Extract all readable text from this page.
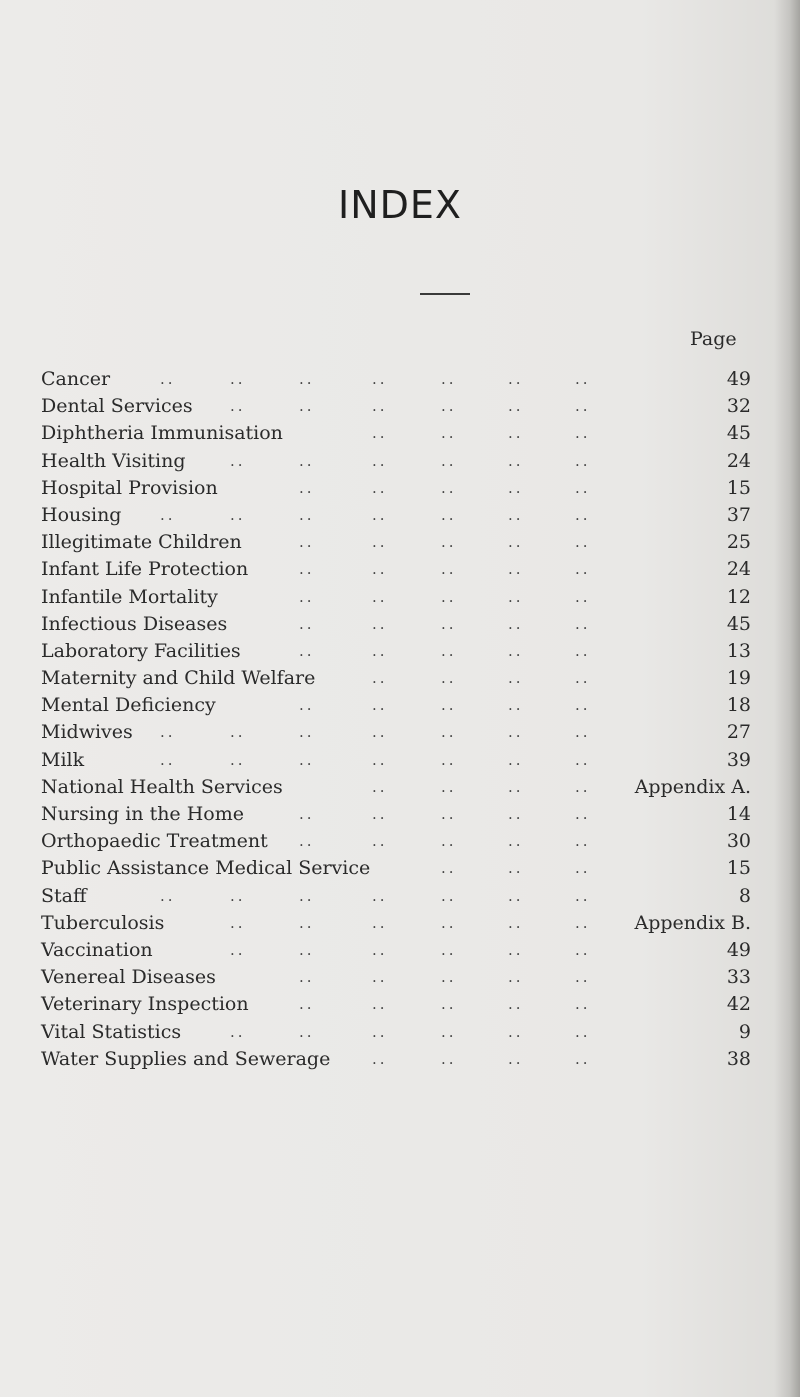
INDEX
Page
Cancer	49
..	..	..	..	..	..	..
Dental Services	32
..	..	..	..	..	..
Diphtheria Immunisation	45
..	..	..	..
Health Visiting	24
..	..	..	..	..	..
Hospital Provision	15
..	..	..	..	..
Housing	37
..	..	..	..	..	..	..
Illegitimate Children	25
..	..	..	..	..
Infant Life Protection	24
..	..	..	..	..
Infantile Mortality	12
..	..	..	..	..
Infectious Diseases	45
..	..	..	..	..
Laboratory Facilities	13
..	..	..	..	..
Maternity and Child Welfare	19
..	..	..	..
Mental Deficiency	18
..	..	..	..	..
Midwives	27
..	..	..	..	..	..	..
Milk	39
..	..	..	..	..	..	..
National Health Services	Appendix A.
..	..	..	..
Nursing in the Home	14
..	..	..	..	..
Orthopaedic Treatment	30
..	..	..	..	..
Public Assistance Medical Service	15
..	..	..
Staff	8
..	..	..	..	..	..	..
Tuberculosis	Appendix B.
..	..	..	..	..	..
Vaccination	49
..	..	..	..	..	..
Venereal Diseases	33
..	..	..	..	..
Veterinary Inspection	42
..	..	..	..	..
Vital Statistics	9
..	..	..	..	..	..
Water Supplies and Sewerage	38
..	..	..	..
